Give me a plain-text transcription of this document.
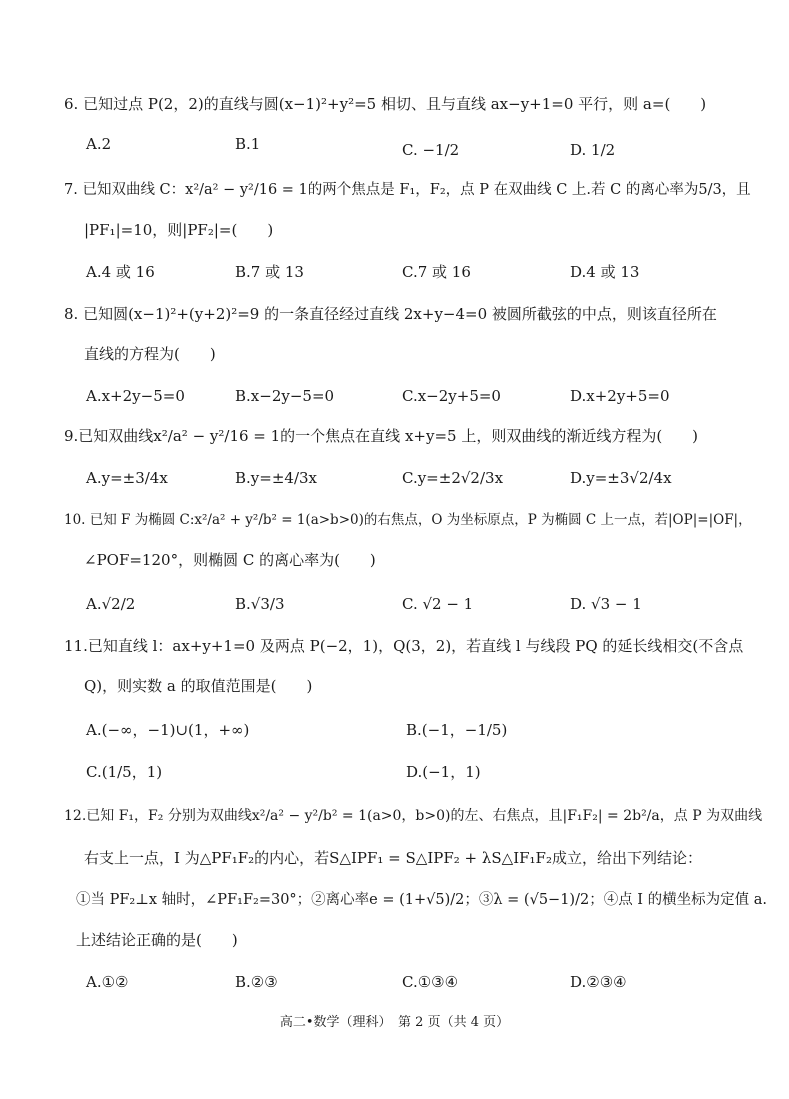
6. 已知过点 P(2，2)的直线与圆(x−1)²+y²=5 相切、且与直线 ax−y+1=0 平行，则 a=(　　)
A.2	B.1	C. −1/2	D. 1/2
7. 已知双曲线 C：x²/a² − y²/16 = 1的两个焦点是 F₁，F₂，点 P 在双曲线 C 上.若 C 的离心率为5/3，且
|PF₁|=10，则|PF₂|=(　　)
A.4 或 16	B.7 或 13	C.7 或 16	D.4 或 13
8. 已知圆(x−1)²+(y+2)²=9 的一条直径经过直线 2x+y−4=0 被圆所截弦的中点，则该直径所在
直线的方程为(　　)
A.x+2y−5=0	B.x−2y−5=0	C.x−2y+5=0	D.x+2y+5=0
9.已知双曲线x²/a² − y²/16 = 1的一个焦点在直线 x+y=5 上，则双曲线的渐近线方程为(　　)
A.y=±3/4x	B.y=±4/3x	C.y=±2√2/3x	D.y=±3√2/4x
10. 已知 F 为椭圆 C:x²/a² + y²/b² = 1(a>b>0)的右焦点，O 为坐标原点，P 为椭圆 C 上一点，若|OP|=|OF|，
∠POF=120°，则椭圆 C 的离心率为(　　)
A.√2/2	B.√3/3	C. √2 − 1	D. √3 − 1
11.已知直线 l：ax+y+1=0 及两点 P(−2，1)，Q(3，2)，若直线 l 与线段 PQ 的延长线相交(不含点
Q)，则实数 a 的取值范围是(　　)
A.(−∞，−1)∪(1，+∞)	B.(−1，−1/5)
C.(1/5，1)	D.(−1，1)
12.已知 F₁，F₂ 分别为双曲线x²/a² − y²/b² = 1(a>0，b>0)的左、右焦点，且|F₁F₂| = 2b²/a，点 P 为双曲线
右支上一点，I 为△PF₁F₂的内心，若S△IPF₁ = S△IPF₂ + λS△IF₁F₂成立，给出下列结论：
①当 PF₂⊥x 轴时，∠PF₁F₂=30°；②离心率e = (1+√5)/2；③λ = (√5−1)/2；④点 I 的横坐标为定值 a.
上述结论正确的是(　　)
A.①②	B.②③	C.①③④	D.②③④
高二•数学（理科）　第 2 页（共 4 页）
